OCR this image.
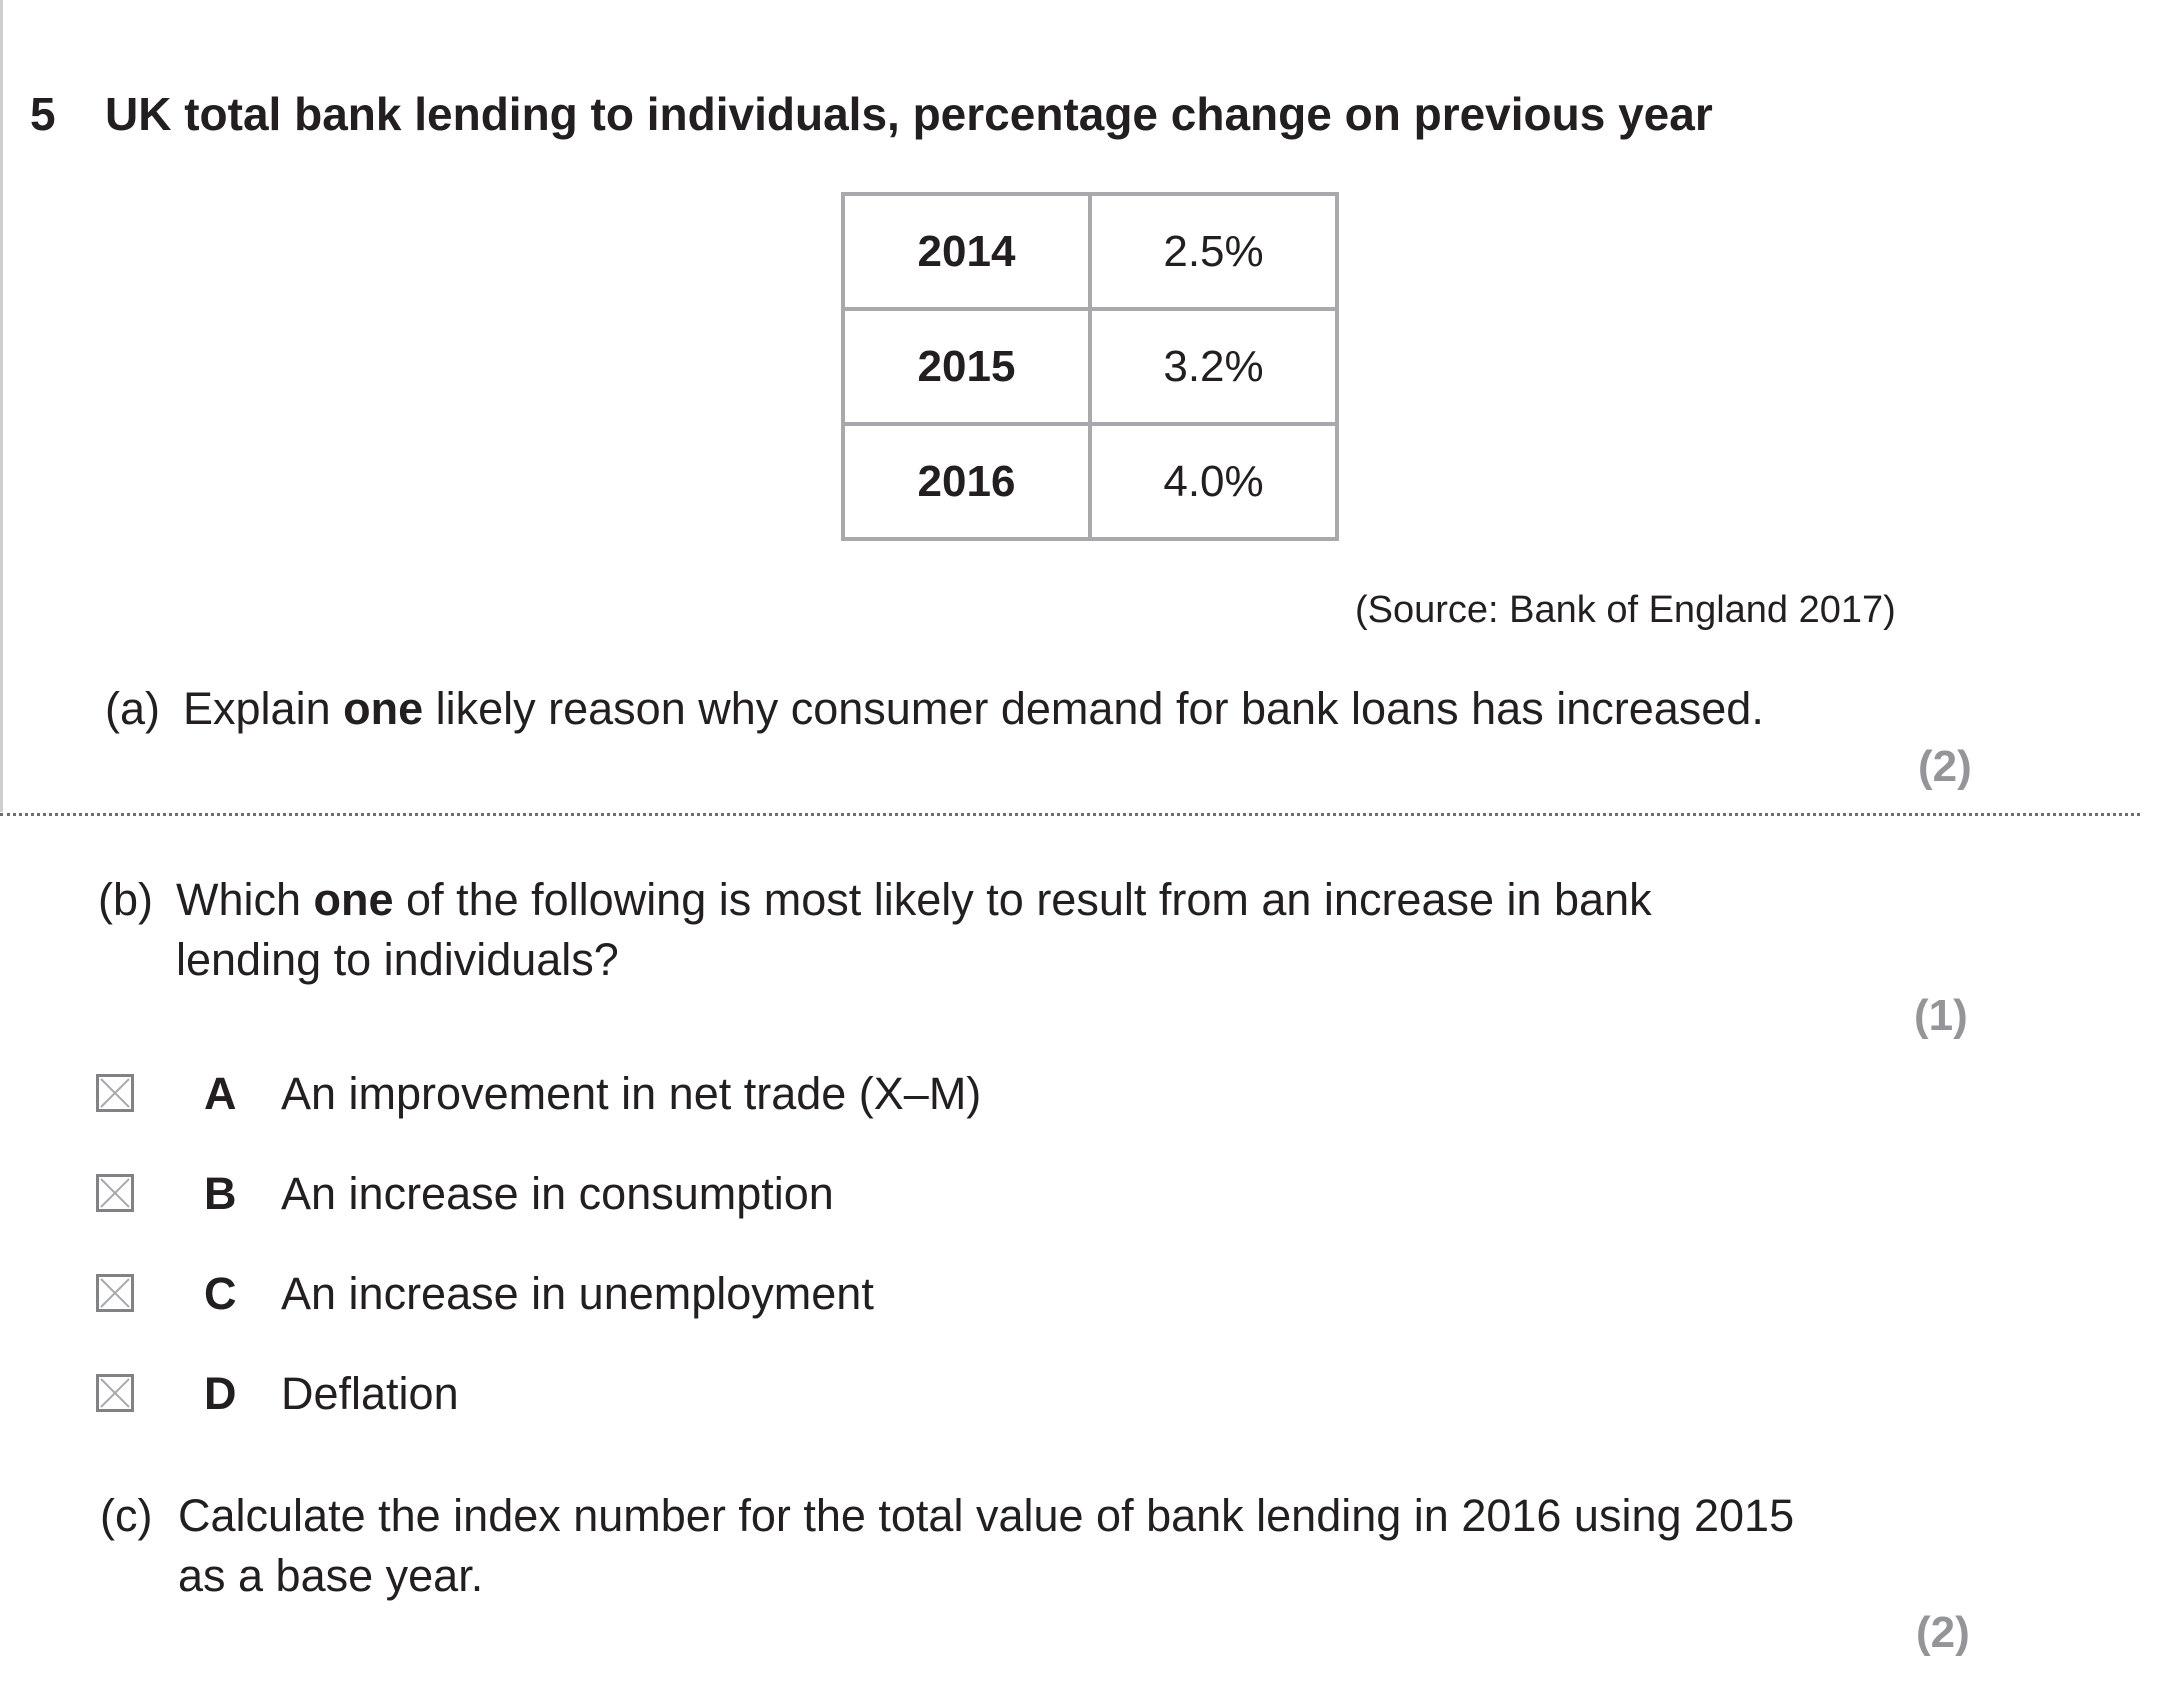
5 UK total bank lending to individuals, percentage change on previous year
2014	2.5%
2015	3.2%
2016	4.0%
(Source: Bank of England 2017)
(a) Explain one likely reason why consumer demand for bank loans has increased.
(2)
(b) Which one of the following is most likely to result from an increase in bank
lending to individuals?
(1)
A An improvement in net trade (X–M)
B An increase in consumption
C An increase in unemployment
D Deflation
(c) Calculate the index number for the total value of bank lending in 2016 using 2015
as a base year.
(2)
